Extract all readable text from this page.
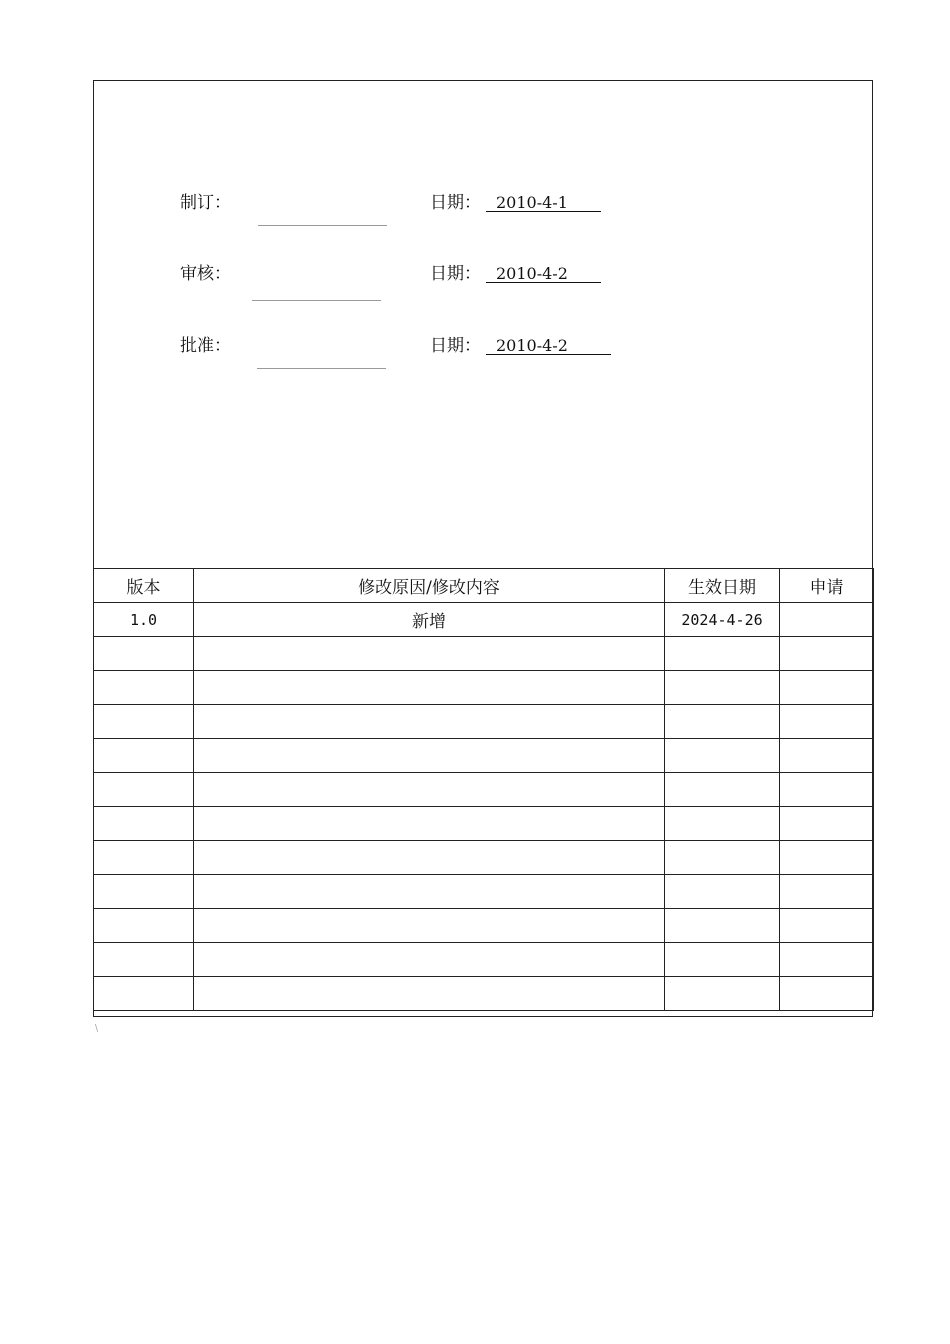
制订：	日期： 2010-4-1
审核：	日期： 2010-4-2
批准：	日期： 2010-4-2
版本	修改原因/修改内容	生效日期	申请
1.0	新增	2024-4-26	

\
